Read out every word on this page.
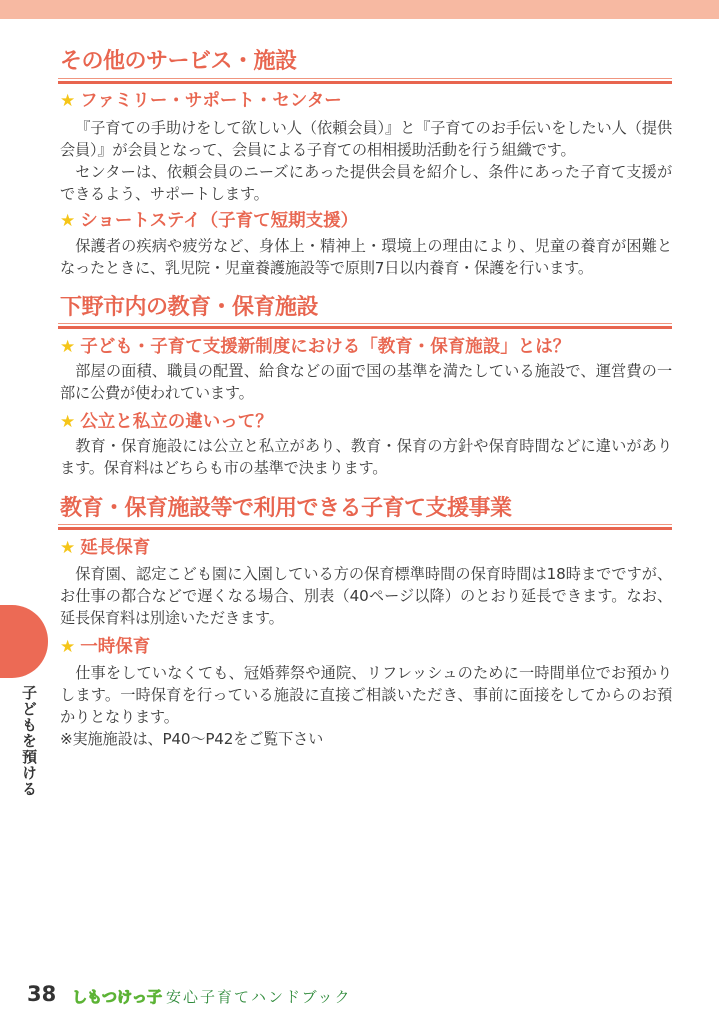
その他のサービス・施設
★ ファミリー・サポート・センター
『子育ての手助けをして欲しい人（依頼会員）』と『子育てのお手伝いをしたい人（提供会員）』が会員となって、会員による子育ての相相援助活動を行う組織です。
センターは、依頼会員のニーズにあった提供会員を紹介し、条件にあった子育て支援ができるよう、サポートします。
★ ショートステイ（子育て短期支援）
保護者の疾病や疲労など、身体上・精神上・環境上の理由により、児童の養育が困難となったときに、乳児院・児童養護施設等で原則7日以内養育・保護を行います。
下野市内の教育・保育施設
★ 子ども・子育て支援新制度における「教育・保育施設」とは？
部屋の面積、職員の配置、給食などの面で国の基準を満たしている施設で、運営費の一部に公費が使われています。
★ 公立と私立の違いって？
教育・保育施設には公立と私立があり、教育・保育の方針や保育時間などに違いがあります。保育料はどちらも市の基準で決まります。
教育・保育施設等で利用できる子育て支援事業
★ 延長保育
保育園、認定こども園に入園している方の保育標準時間の保育時間は18時までですが、お仕事の都合などで遅くなる場合、別表（40ページ以降）のとおり延長できます。なお、延長保育料は別途いただきます。
★ 一時保育
仕事をしていなくても、冠婚葬祭や通院、リフレッシュのために一時間単位でお預かりします。一時保育を行っている施設に直接ご相談いただき、事前に面接をしてからのお預かりとなります。
※実施施設は、P40～P42をご覧下さい
子どもを預ける
38 しもつけっ子 安心子育てハンドブック
